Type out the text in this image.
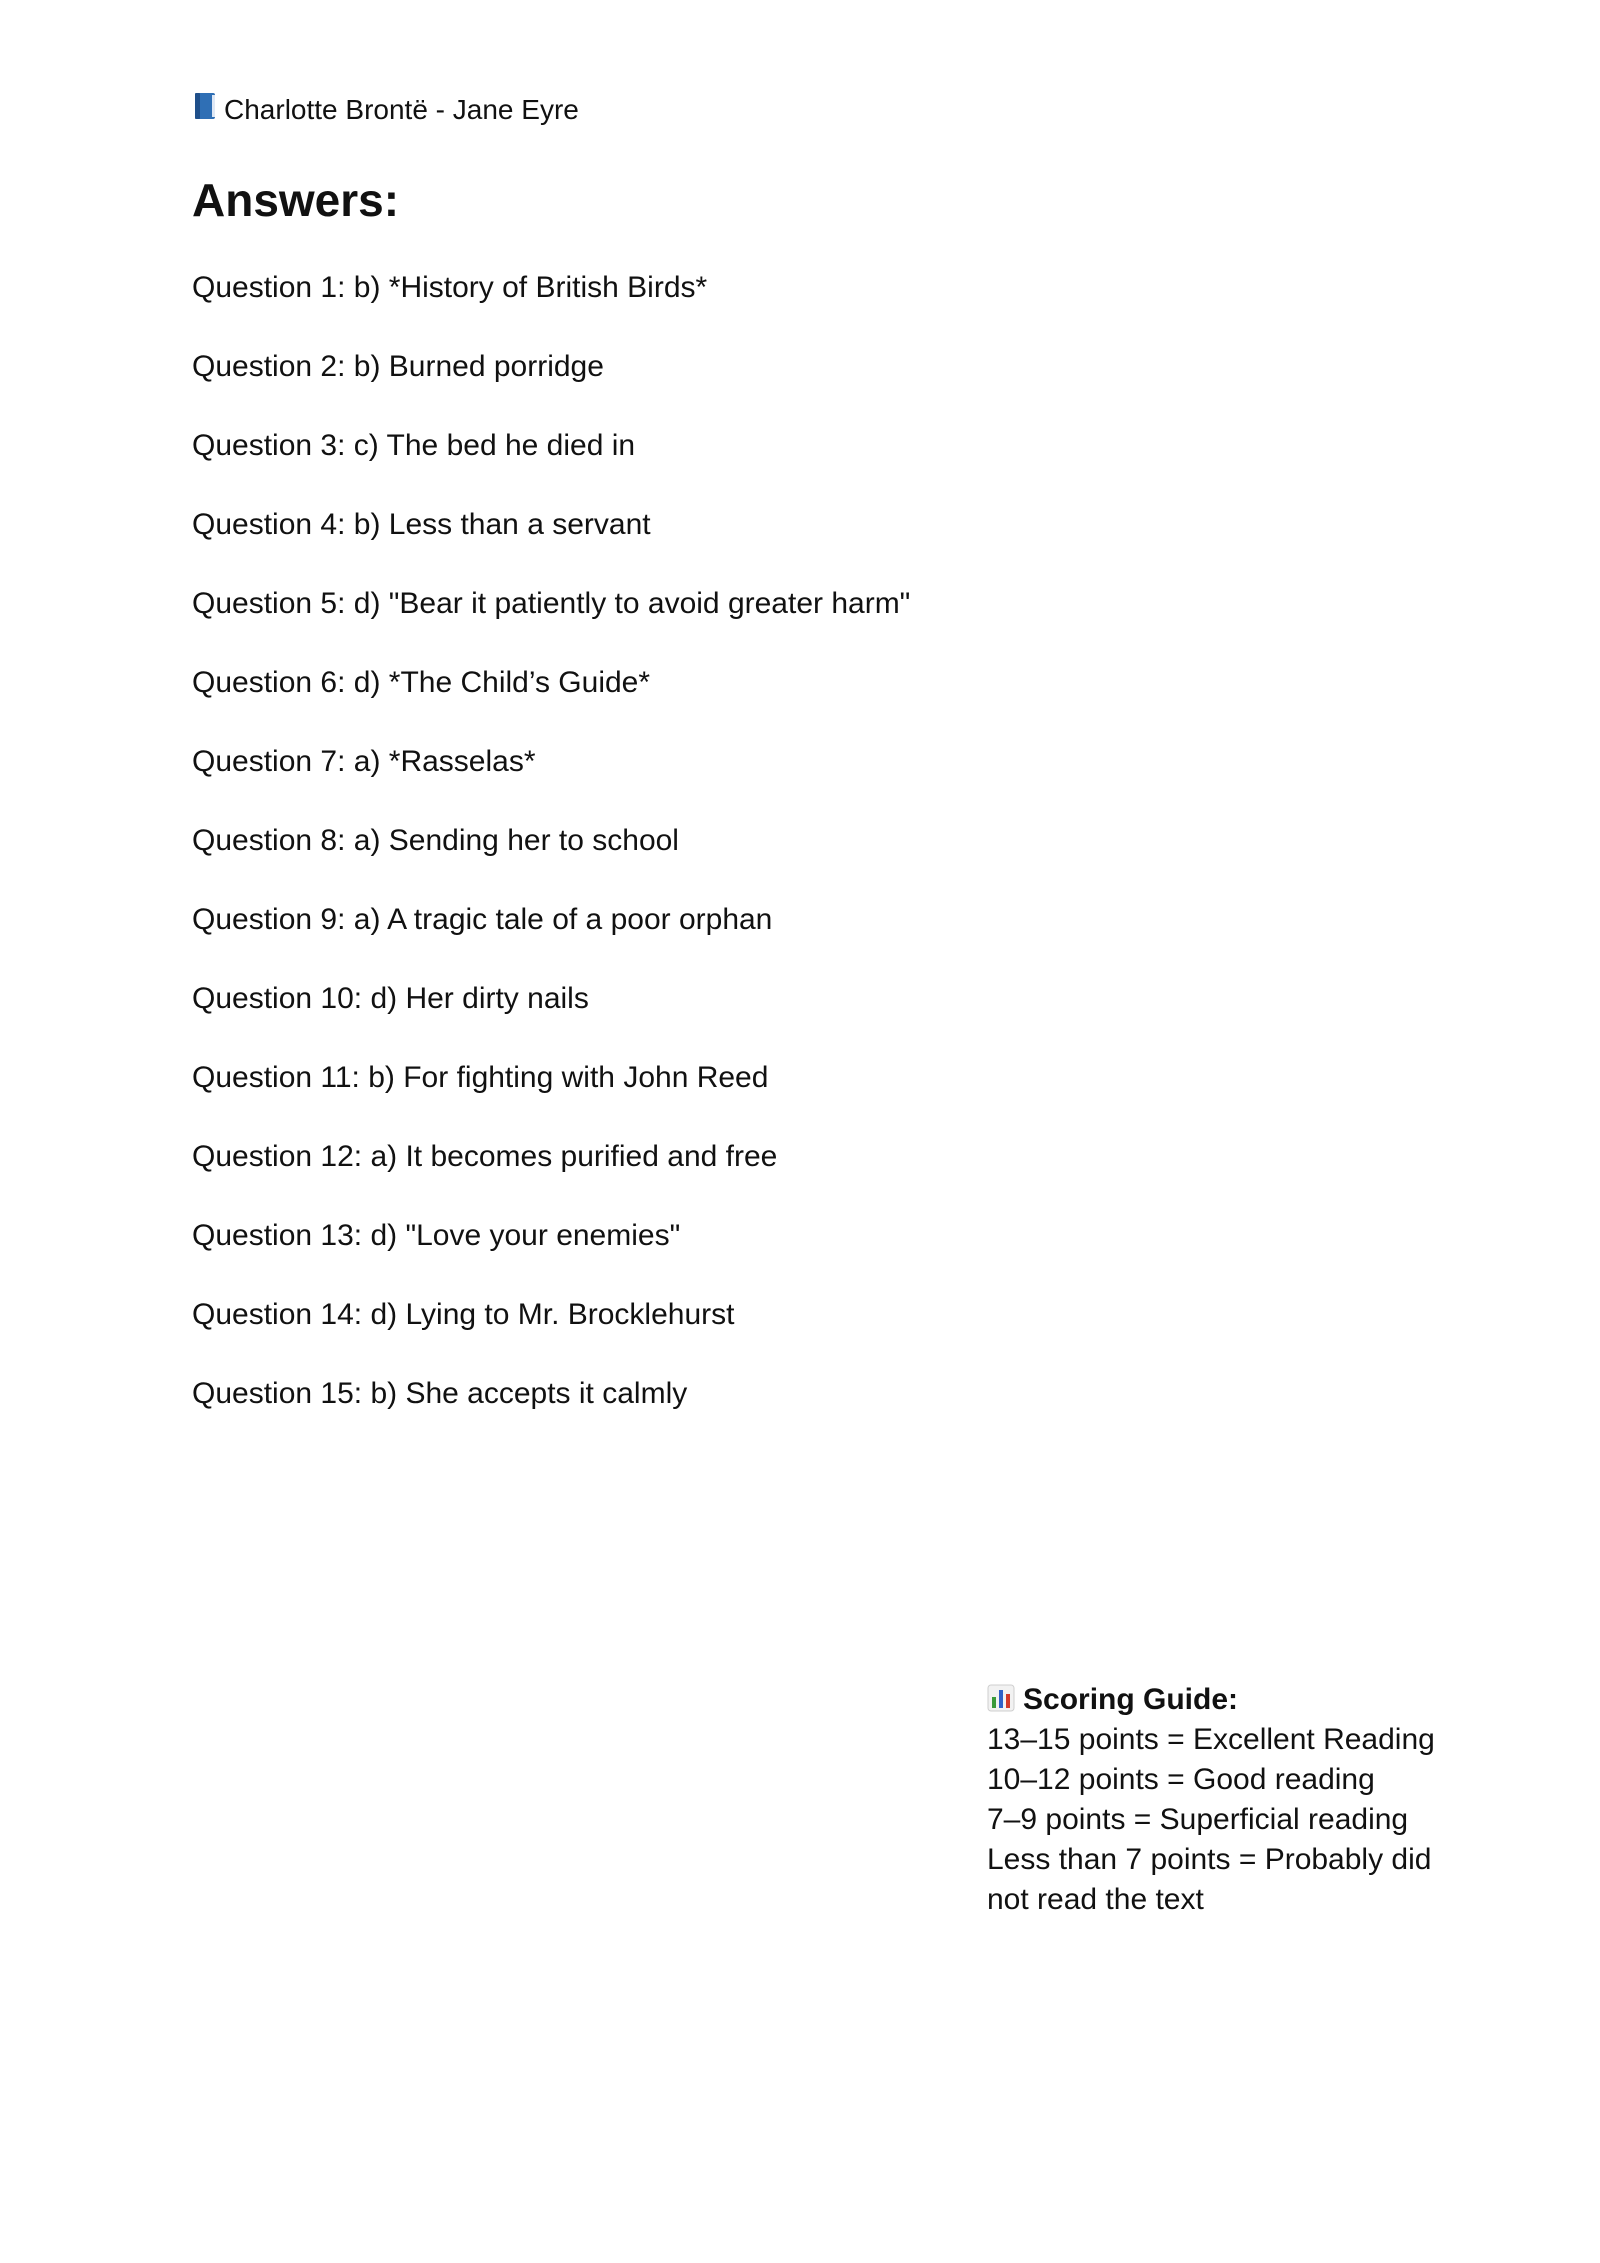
Charlotte Brontë - Jane Eyre
Answers:
Question 1: b) *History of British Birds*
Question 2: b) Burned porridge
Question 3: c) The bed he died in
Question 4: b) Less than a servant
Question 5: d) "Bear it patiently to avoid greater harm"
Question 6: d) *The Child’s Guide*
Question 7: a) *Rasselas*
Question 8: a) Sending her to school
Question 9: a) A tragic tale of a poor orphan
Question 10: d) Her dirty nails
Question 11: b) For fighting with John Reed
Question 12: a) It becomes purified and free
Question 13: d) "Love your enemies"
Question 14: d) Lying to Mr. Brocklehurst
Question 15: b) She accepts it calmly
Scoring Guide:
13–15 points = Excellent Reading
10–12 points = Good reading
7–9 points = Superficial reading
Less than 7 points = Probably did
not read the text
